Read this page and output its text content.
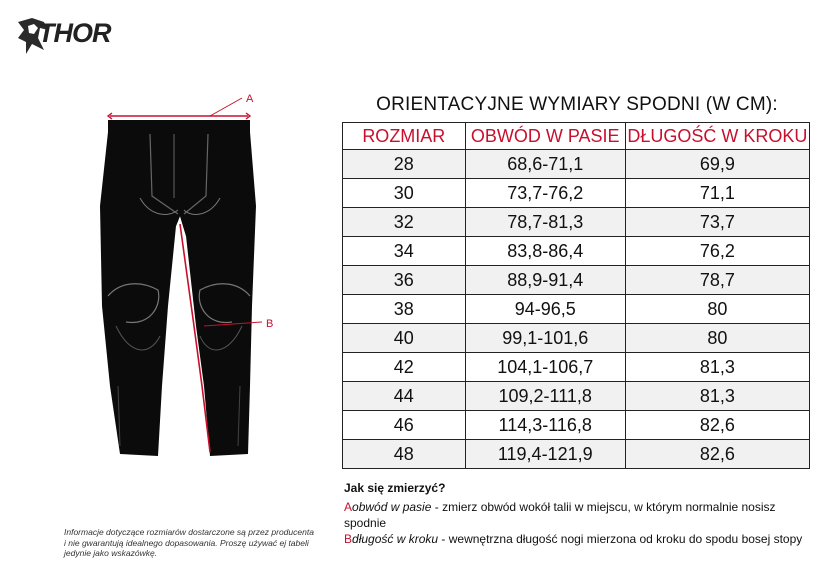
THOR
A
B
ORIENTACYJNE WYMIARY SPODNI (W CM):
ROZMIAR	OBWÓD W PASIE	DŁUGOŚĆ W KROKU
28	68,6-71,1	69,9
30	73,7-76,2	71,1
32	78,7-81,3	73,7
34	83,8-86,4	76,2
36	88,9-91,4	78,7
38	94-96,5	80
40	99,1-101,6	80
42	104,1-106,7	81,3
44	109,2-111,8	81,3
46	114,3-116,8	82,6
48	119,4-121,9	82,6
Jak się zmierzyć?
Aobwód w pasie - zmierz obwód wokół talii w miejscu, w którym normalnie nosisz spodnie
Bdługość w kroku - wewnętrzna długość nogi mierzona od kroku do spodu bosej stopy
Informacje dotyczące rozmiarów dostarczone są przez producenta i nie gwarantują idealnego dopasowania. Proszę używać ej tabeli jedynie jako wskazówkę.
